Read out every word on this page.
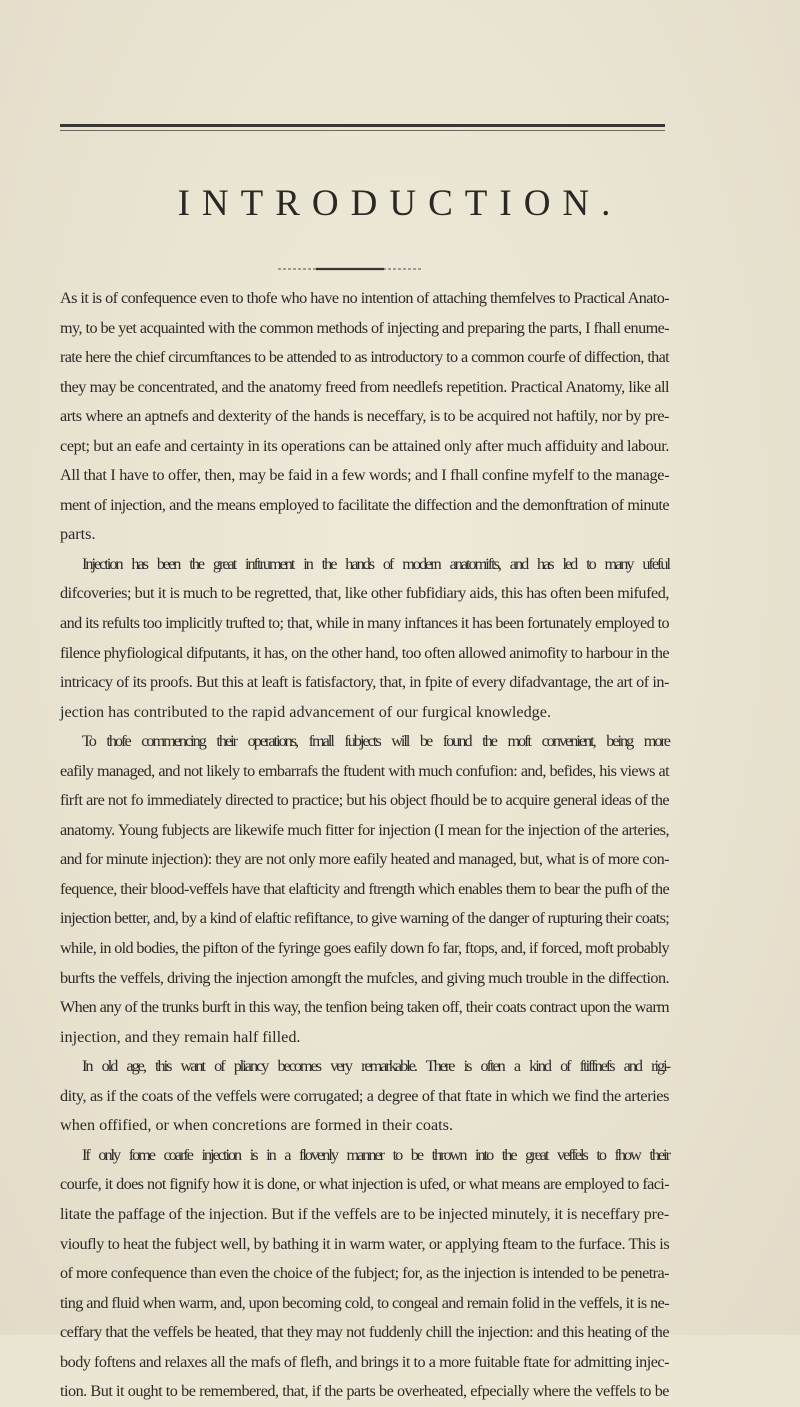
INTRODUCTION.
As it is of confequence even to thofe who have no intention of attaching themfelves to Practical Anato-
my, to be yet acquainted with the common methods of injecting and preparing the parts, I fhall enume-
rate here the chief circumftances to be attended to as introductory to a common courfe of diffection, that
they may be concentrated, and the anatomy freed from needlefs repetition. Practical Anatomy, like all
arts where an aptnefs and dexterity of the hands is neceffary, is to be acquired not haftily, nor by pre-
cept; but an eafe and certainty in its operations can be attained only after much affiduity and labour.
All that I have to offer, then, may be faid in a few words; and I fhall confine myfelf to the manage-
ment of injection, and the means employed to facilitate the diffection and the demonftration of minute
parts.
Injection has been the great inftrument in the hands of modern anatomifts, and has led to many ufeful
difcoveries; but it is much to be regretted, that, like other fubfidiary aids, this has often been mifufed,
and its refults too implicitly trufted to; that, while in many inftances it has been fortunately employed to
filence phyfiological difputants, it has, on the other hand, too often allowed animofity to harbour in the
intricacy of its proofs. But this at leaft is fatisfactory, that, in fpite of every difadvantage, the art of in-
jection has contributed to the rapid advancement of our furgical knowledge.
To thofe commencing their operations, fmall fubjects will be found the moft convenient, being more
eafily managed, and not likely to embarrafs the ftudent with much confufion: and, befides, his views at
firft are not fo immediately directed to practice; but his object fhould be to acquire general ideas of the
anatomy. Young fubjects are likewife much fitter for injection (I mean for the injection of the arteries,
and for minute injection): they are not only more eafily heated and managed, but, what is of more con-
fequence, their blood-veffels have that elafticity and ftrength which enables them to bear the pufh of the
injection better, and, by a kind of elaftic refiftance, to give warning of the danger of rupturing their coats;
while, in old bodies, the pifton of the fyringe goes eafily down fo far, ftops, and, if forced, moft probably
burfts the veffels, driving the injection amongft the mufcles, and giving much trouble in the diffection.
When any of the trunks burft in this way, the tenfion being taken off, their coats contract upon the warm
injection, and they remain half filled.
In old age, this want of pliancy becomes very remarkable. There is often a kind of ftiffnefs and rigi-
dity, as if the coats of the veffels were corrugated; a degree of that ftate in which we find the arteries
when offified, or when concretions are formed in their coats.
If only fome coarfe injection is in a flovenly manner to be thrown into the great veffels to fhow their
courfe, it does not fignify how it is done, or what injection is ufed, or what means are employed to faci-
litate the paffage of the injection. But if the veffels are to be injected minutely, it is neceffary pre-
vioufly to heat the fubject well, by bathing it in warm water, or applying fteam to the furface. This is
of more confequence than even the choice of the fubject; for, as the injection is intended to be penetra-
ting and fluid when warm, and, upon becoming cold, to congeal and remain folid in the veffels, it is ne-
ceffary that the veffels be heated, that they may not fuddenly chill the injection: and this heating of the
body foftens and relaxes all the mafs of flefh, and brings it to a more fuitable ftate for admitting injec-
tion. But it ought to be remembered, that, if the parts be overheated, efpecially where the veffels to be
